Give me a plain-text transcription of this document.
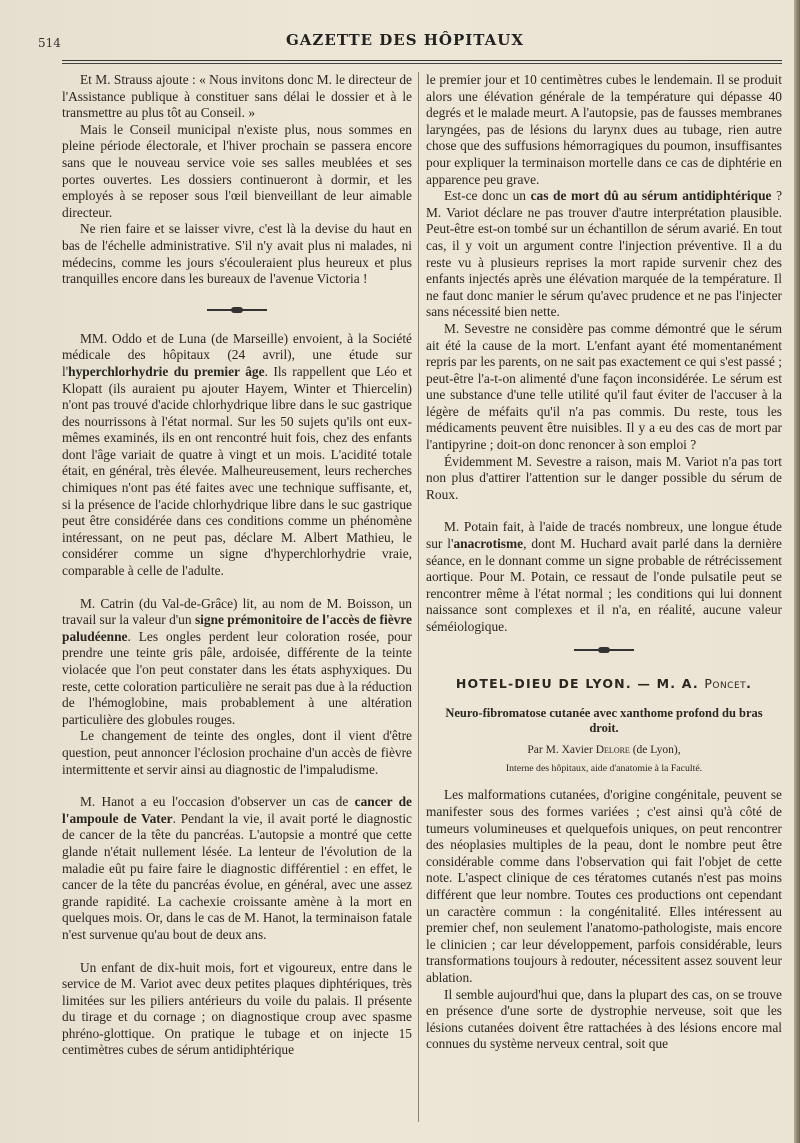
514	GAZETTE DES HÔPITAUX

Et M. Strauss ajoute : « Nous invitons donc M. le directeur de l'Assistance publique à constituer sans délai le dossier et à le transmettre au plus tôt au Conseil. »

Mais le Conseil municipal n'existe plus, nous sommes en pleine période électorale, et l'hiver prochain se passera encore sans que le nouveau service voie ses salles meublées et ses portes ouvertes. Les dossiers continueront à dormir, et les employés à se reposer sous l'œil bienveillant de leur aimable directeur.

Ne rien faire et se laisser vivre, c'est là la devise du haut en bas de l'échelle administrative. S'il n'y avait plus ni malades, ni médecins, comme les jours s'écouleraient plus heureux et plus tranquilles encore dans les bureaux de l'avenue Victoria !

MM. Oddo et de Luna (de Marseille) envoient, à la Société médicale des hôpitaux (24 avril), une étude sur l'hyperchlorhydrie du premier âge. Ils rappellent que Léo et Klopatt (ils auraient pu ajouter Hayem, Winter et Thiercelin) n'ont pas trouvé d'acide chlorhydrique libre dans le suc gastrique des nourrissons à l'état normal. Sur les 50 sujets qu'ils ont eux-mêmes examinés, ils en ont rencontré huit fois, chez des enfants dont l'âge variait de quatre à vingt et un mois. L'acidité totale était, en général, très élevée. Malheureusement, leurs recherches chimiques n'ont pas été faites avec une technique suffisante, et, si la présence de l'acide chlorhydrique libre dans le suc gastrique peut être considérée dans ces conditions comme un phénomène intéressant, on ne peut pas, déclare M. Albert Mathieu, le considérer comme un signe d'hyperchlorhydrie vraie, comparable à celle de l'adulte.

M. Catrin (du Val-de-Grâce) lit, au nom de M. Boisson, un travail sur la valeur d'un signe prémonitoire de l'accès de fièvre paludéenne. Les ongles perdent leur coloration rosée, pour prendre une teinte gris pâle, ardoisée, différente de la teinte violacée que l'on peut constater dans les états asphyxiques. Du reste, cette coloration particulière ne serait pas due à la réduction de l'hémoglobine, mais probablement à une altération particulière des globules rouges.

Le changement de teinte des ongles, dont il vient d'être question, peut annoncer l'éclosion prochaine d'un accès de fièvre intermittente et servir ainsi au diagnostic de l'impaludisme.

M. Hanot a eu l'occasion d'observer un cas de cancer de l'ampoule de Vater. Pendant la vie, il avait porté le diagnostic de cancer de la tête du pancréas. L'autopsie a montré que cette glande n'était nullement lésée. La lenteur de l'évolution de la maladie eût pu faire faire le diagnostic différentiel : en effet, le cancer de la tête du pancréas évolue, en général, avec une assez grande rapidité. La cachexie croissante amène à la mort en quelques mois. Or, dans le cas de M. Hanot, la terminaison fatale n'est survenue qu'au bout de deux ans.

Un enfant de dix-huit mois, fort et vigoureux, entre dans le service de M. Variot avec deux petites plaques diphtériques, très limitées sur les piliers antérieurs du voile du palais. Il présente du tirage et du cornage ; on diagnostique croup avec spasme phréno-glottique. On pratique le tubage et on injecte 15 centimètres cubes de sérum antidiphtérique

le premier jour et 10 centimètres cubes le lendemain. Il se produit alors une élévation générale de la température qui dépasse 40 degrés et le malade meurt. A l'autopsie, pas de fausses membranes laryngées, pas de lésions du larynx dues au tubage, rien autre chose que des suffusions hémorragiques du poumon, insuffisantes pour expliquer la terminaison mortelle dans ce cas de diphtérie en apparence peu grave.

Est-ce donc un cas de mort dû au sérum antidiphtérique ? M. Variot déclare ne pas trouver d'autre interprétation plausible. Peut-être est-on tombé sur un échantillon de sérum avarié. En tout cas, il y voit un argument contre l'injection préventive. Il a du reste vu à plusieurs reprises la mort rapide survenir chez des enfants injectés après une élévation marquée de la température. Il ne faut donc manier le sérum qu'avec prudence et ne pas l'injecter sans nécessité bien nette.

M. Sevestre ne considère pas comme démontré que le sérum ait été la cause de la mort. L'enfant ayant été momentanément repris par les parents, on ne sait pas exactement ce qui s'est passé ; peut-être l'a-t-on alimenté d'une façon inconsidérée. Le sérum est une substance d'une telle utilité qu'il faut éviter de l'accuser à la légère de méfaits qu'il n'a pas commis. Du reste, tous les médicaments peuvent être nuisibles. Il y a eu des cas de mort par l'antipyrine ; doit-on donc renoncer à son emploi ?

Évidemment M. Sevestre a raison, mais M. Variot n'a pas tort non plus d'attirer l'attention sur le danger possible du sérum de Roux.

M. Potain fait, à l'aide de tracés nombreux, une longue étude sur l'anacrotisme, dont M. Huchard avait parlé dans la dernière séance, en le donnant comme un signe probable de rétrécissement aortique. Pour M. Potain, ce ressaut de l'onde pulsatile peut se rencontrer même à l'état normal ; les conditions qui lui donnent naissance sont complexes et il n'a, en réalité, aucune valeur séméiologique.

HOTEL-DIEU DE LYON. — M. A. Poncet.
Neuro-fibromatose cutanée avec xanthome profond du bras droit.
Par M. Xavier Delore (de Lyon),
Interne des hôpitaux, aide d'anatomie à la Faculté.

Les malformations cutanées, d'origine congénitale, peuvent se manifester sous des formes variées ; c'est ainsi qu'à côté de tumeurs volumineuses et quelquefois uniques, on peut rencontrer des néoplasies multiples de la peau, dont le nombre peut être considérable comme dans l'observation qui fait l'objet de cette note. L'aspect clinique de ces tératomes cutanés n'est pas moins différent que leur nombre. Toutes ces productions ont cependant un caractère commun : la congénitalité. Elles intéressent au premier chef, non seulement l'anatomo-pathologiste, mais encore le clinicien ; car leur développement, parfois considérable, leurs transformations toujours à redouter, nécessitent assez souvent leur ablation.

Il semble aujourd'hui que, dans la plupart des cas, on se trouve en présence d'une sorte de dystrophie nerveuse, soit que les lésions cutanées doivent être rattachées à des lésions encore mal connues du système nerveux central, soit que
